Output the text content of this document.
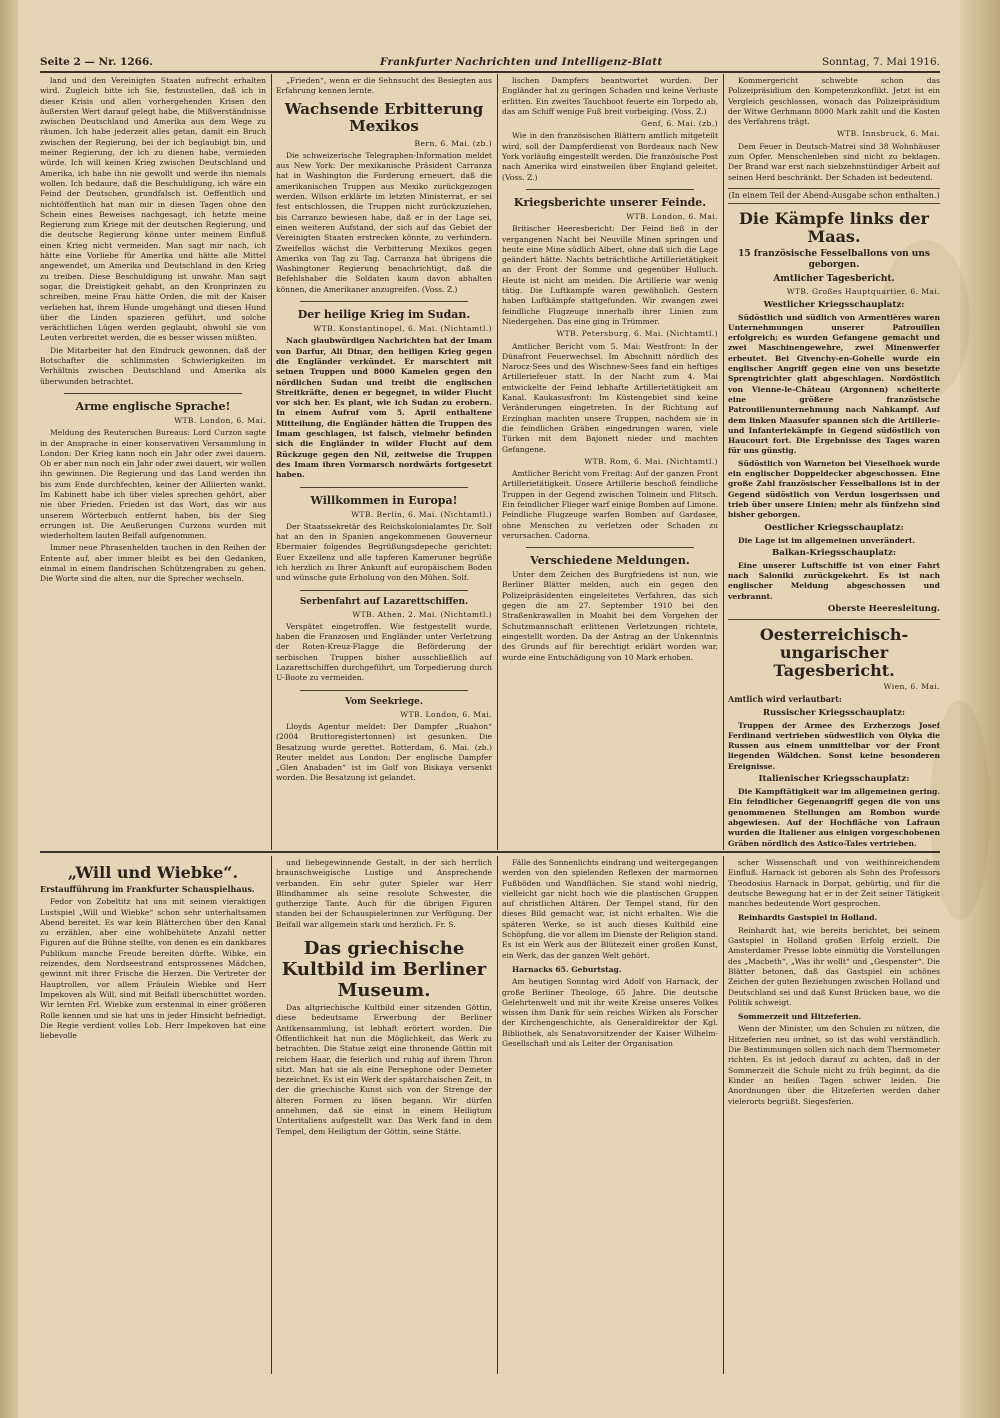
Seite 2 — Nr. 1266.	Frankfurter Nachrichten und Intelligenz-Blatt	Sonntag, 7. Mai 1916.

land und den Vereinigten Staaten aufrecht erhalten wird. Zugleich bitte ich Sie, festzustellen, daß ich in dieser Krisis und allen vorhergehenden Krisen den äußersten Wert darauf gelegt habe, die Mißverständnisse zwischen Deutschland und Amerika aus dem Wege zu räumen. Ich habe jederzeit alles getan, damit ein Bruch zwischen der Regierung, bei der ich beglaubigt bin, und meiner Regierung, der ich zu dienen habe, vermieden würde. Ich will keinen Krieg zwischen Deutschland und Amerika, ich habe ihn nie gewollt und werde ihn niemals wollen. Ich bedaure, daß die Beschuldigung, ich wäre ein Feind der Deutschen, grundfalsch ist. Oeffentlich und nichtöffentlich hat man mir in diesen Tagen ohne den Schein eines Beweises nachgesagt, ich hetzte meine Regierung zum Kriege mit der deutschen Regierung, und die deutsche Regierung könne unter meinem Einfluß einen Krieg nicht vermeiden. Man sagt mir nach, ich hätte eine Vorliebe für Amerika und hätte alle Mittel angewendet, um Amerika und Deutschland in den Krieg zu treiben. Diese Beschuldigung ist unwahr. Man sagt sogar, die Dreistigkeit gehabt, an den Kronprinzen zu schreiben, meine Frau hätte Orden, die mit der Kaiser verliehen hat, ihrem Hunde umgehängt und diesen Hund über die Linden spazieren geführt, und solche verächtlichen Lügen werden geglaubt, obwohl sie von Leuten verbreitet werden, die es besser wissen müßten.

Die Mitarbeiter hat den Eindruck gewonnen, daß der Botschafter die schlimmsten Schwierigkeiten im Verhältnis zwischen Deutschland und Amerika als überwunden betrachtet.

Arme englische Sprache!

WTB. London, 6. Mai.

Meldung des Reuterschen Bureaus: Lord Curzon sagte in der Ansprache in einer konservativen Versammlung in London: Der Krieg kann noch ein Jahr oder zwei dauern. Ob er aber nun noch ein Jahr oder zwei dauert, wir wollen ihn gewinnen. Die Regierung und das Land werden ihn bis zum Ende durchfechten, keiner der Alliierten wankt. Im Kabinett habe ich über vieles sprechen gehört, aber nie über Frieden. Frieden ist das Wort, das wir aus unserem Wörterbuch entfernt haben, bis der Sieg errungen ist. Die Aeußerungen Curzons wurden mit wiederholtem lauten Beifall aufgenommen.

Immer neue Phrasenhelden tauchen in den Reihen der Entente auf, aber immer bleibt es bei den Gedanken, einmal in einem flandrischen Schützengraben zu gehen. Die Worte sind die alten, nur die Sprecher wechseln.

„Frieden“, wenn er die Sehnsucht des Besiegten aus Erfahrung kennen lernte.

Wachsende Erbitterung Mexikos

Bern, 6. Mai. (zb.)

Die schweizerische Telegraphen-Information meldet aus New York: Der mexikanische Präsident Carranza hat in Washington die Forderung erneuert, daß die amerikanischen Truppen aus Mexiko zurückgezogen werden. Wilson erklärte im letzten Ministerrat, er sei fest entschlossen, die Truppen nicht zurückzuziehen, bis Carranzo bewiesen habe, daß er in der Lage sei, einen weiteren Aufstand, der sich auf das Gebiet der Vereinigten Staaten erstrecken könnte, zu verhindern. Zweifellos wächst die Verbitterung Mexikos gegen Amerika von Tag zu Tag. Carranza hat übrigens die Washingtoner Regierung benachrichtigt, daß die Befehlshaber die Soldaten kaum davon abhalten können, die Amerikaner anzugreifen. (Voss. Z.)

Der heilige Krieg im Sudan.

WTB. Konstantinopel, 6. Mai. (Nichtamtl.)

Nach glaubwürdigen Nachrichten hat der Imam von Darfur, Ali Dinar, den heiligen Krieg gegen die Engländer verkündet. Er marschiert mit seinen Truppen und 8000 Kamelen gegen den nördlichen Sudan und treibt die englischen Streitkräfte, denen er begegnet, in wilder Flucht vor sich her. Es plant, wie ich Sudan zu erobern. In einem Aufruf vom 5. April enthaltene Mitteilung, die Engländer hätten die Truppen des Imam geschlagen, ist falsch, vielmehr befinden sich die Engländer in wilder Flucht auf dem Rückzuge gegen den Nil, zeitweise die Truppen des Imam ihren Vormarsch nordwärts fortgesetzt haben.

Willkommen in Europa!

WTB. Berlin, 6. Mai. (Nichtamtl.)

Der Staatssekretär des Reichskolonialamtes Dr. Solf hat an den in Spanien angekommenen Gouverneur Ebermaier folgendes Begrüßungsdepeche gerichtet: Euer Exzellenz und alle tapferen Kameruner begrüße ich herzlich zu Ihrer Ankunft auf europäischem Boden und wünsche gute Erholung von den Mühen. Solf.

Serbenfahrt auf Lazarettschiffen.

WTB. Athen, 2. Mai. (Nichtamtl.)

Verspätet eingetroffen. Wie festgestellt wurde, haben die Franzosen und Engländer unter Verletzung der Roten-Kreuz-Flagge die Beförderung der serbischen Truppen bisher ausschließlich auf Lazarettschiffen durchgeführt, um Torpedierung durch U-Boote zu vermeiden.

Vom Seekriege.

WTB. London, 6. Mai.

Lloyds Agentur meldet: Der Dampfer „Ruahon“ (2004 Bruttoregistertonnen) ist gesunken. Die Besatzung wurde gerettet. Rotterdam, 6. Mai. (zb.) Reuter meldet aus London: Der englische Dampfer „Glen Anabaden“ ist im Golf von Biskaya versenkt worden. Die Besatzung ist gelandet.

lischen Dampfers beantwortet wurden. Der Engländer hat zu geringen Schaden und keine Verluste erlitten. Ein zweites Tauchboot feuerte ein Torpedo ab, das am Schiff wenige Fuß breit vorbeiging. (Voss. Z.)

Genf, 6. Mai. (zb.)

Wie in den französischen Blättern amtlich mitgeteilt wird, soll der Dampferdienst von Bordeaux nach New York vorläufig eingestellt werden. Die französische Post nach Amerika wird einstweilen über England geleitet. (Voss. Z.)

Kriegsberichte unserer Feinde.

WTB. London, 6. Mai.

Britischer Heeresbericht: Der Feind ließ in der vergangenen Nacht bei Neuville Minen springen und heute eine Mine südlich Albert, ohne daß sich die Lage geändert hätte. Nachts beträchtliche Artillerietätigkeit an der Front der Somme und gegenüber Hulluch. Heute ist nicht am meiden. Die Artillerie war wenig tätig. Die Luftkampfe waren gewöhnlich. Gestern haben Luftkämpfe stattgefunden. Wir zwangen zwei feindliche Flugzeuge innerhalb ihrer Linien zum Niedergehen. Das eine ging in Trümmer.

WTB. Petersburg, 6. Mai. (Nichtamtl.)

Amtlicher Bericht vom 5. Mai: Westfront: In der Dünafront Feuerwechsel. Im Abschnitt nördlich des Narocz-Sees und des Wischnew-Sees fand ein heftiges Artilleriefeuer statt. In der Nacht zum 4. Mai entwickelte der Feind lebhafte Artillerietätigkeit am Kanal. Kaukasusfront: Im Küstengebiet sind keine Veränderungen eingetreten. In der Richtung auf Erzinghan machten unsere Truppen, nachdem sie in die feindlichen Gräben eingedrungen waren, viele Türken mit dem Bajonett nieder und machten Gefangene.

WTB. Rom, 6. Mai. (Nichtamtl.)

Amtlicher Bericht vom Freitag: Auf der ganzen Front Artillerietätigkeit. Unsere Artillerie beschoß feindliche Truppen in der Gegend zwischen Tolmein und Flitsch. Ein feindlicher Flieger warf einige Bomben auf Limone. Feindliche Flugzeuge warfen Bomben auf Gardasee, ohne Menschen zu verletzen oder Schaden zu verursachen. Cadorna.

Verschiedene Meldungen.

Unter dem Zeichen des Burgfriedens ist nun, wie Berliner Blätter melden, auch ein gegen den Polizeipräsidenten eingeleitetes Verfahren, das sich gegen die am 27. September 1910 bei den Straßenkrawallen in Moabit bei dem Vorgehen der Schutzmannschaft erlittenen Verletzungen richtete, eingestellt worden. Da der Antrag an der Unkenntnis des Grunds auf für berechtigt erklärt worden war, wurde eine Entschädigung von 10 Mark erhoben.

Kommergericht schwebte schon das Polizeipräsidium den Kompetenzkonflikt. Jetzt ist ein Vergleich geschlossen, wonach das Polizeipräsidium der Witwe Gerhmann 8000 Mark zahlt und die Kosten des Verfahrens trägt.

WTB. Innsbruck, 6. Mai.

Dem Feuer in Deutsch-Matrei sind 38 Wohnhäuser zum Opfer. Menschenleben sind nicht zu beklagen. Der Brand war erst nach siebzehnstündiger Arbeit auf seinen Herd beschränkt. Der Schaden ist bedeutend.

(In einem Teil der Abend-Ausgabe schon enthalten.)
Die Kämpfe links der Maas.
15 französische Fesselballons von uns geborgen.
Amtlicher Tagesbericht.

WTB. Großes Hauptquartier, 6. Mai.

Westlicher Kriegsschauplatz:

Südöstlich und südlich von Armentières waren Unternehmungen unserer Patrouillen erfolgreich; es wurden Gefangene gemacht und zwei Maschinengewehre, zwei Minenwerfer erbeutet. Bei Givenchy-en-Gohelle wurde ein englischer Angriff gegen eine von uns besetzte Sprengtrichter glatt abgeschlagen. Nordöstlich von Vienne-le-Château (Argonnen) scheiterte eine größere französische Patrouillenunternehmung nach Nahkampf. Auf dem linken Maasufer spannen sich die Artillerie- und Infanteriekämpfe in Gegend südöstlich von Haucourt fort. Die Ergebnisse des Tages waren für uns günstig.

Südöstlich von Warneton bei Vieselhoek wurde ein englischer Doppeldecker abgeschossen. Eine große Zahl französischer Fesselballons ist in der Gegend südöstlich von Verdun losgerissen und trieb über unsere Linien; mehr als fünfzehn sind bisher geborgen.

Oestlicher Kriegsschauplatz:

Die Lage ist im allgemeinen unverändert.

Balkan-Kriegsschauplatz:

Eine unserer Luftschiffe ist von einer Fahrt nach Saloniki zurückgekehrt. Es ist nach englischer Meldung abgeschossen und verbrannt.

Oberste Heeresleitung.
Oesterreichisch-ungarischer Tagesbericht.

Wien, 6. Mai.

Amtlich wird verlautbart:
Russischer Kriegsschauplatz:

Truppen der Armee des Erzherzogs Josef Ferdinand vertrieben südwestlich von Olyka die Russen aus einem unmittelbar vor der Front liegenden Wäldchen. Sonst keine besonderen Ereignisse.

Italienischer Kriegsschauplatz:

Die Kampftätigkeit war im allgemeinen gering. Ein feindlicher Gegenangriff gegen die von uns genommenen Stellungen am Rombon wurde abgewiesen. Auf der Hochfläche von Lafraun wurden die Italiener aus einigen vorgeschobenen Gräben nördlich des Astico-Tales vertrieben.

„Will und Wiebke“.
Erstaufführung im Frankfurter Schauspielhaus.

Fedor von Zobeltitz hat uns mit seinem vieraktigen Lustspiel „Will und Wiebke“ schon sehr unterhaltsamen Abend bereitet. Es war kein Blätterchen über den Kanal zu erzählen, aber eine wohlbehütete Anzahl netter Figuren auf die Bühne stellte, von denen es ein dankbares Publikum manche Freude bereiten dürfte. Wibke, ein reizendes, dem Nordseestrand entsprossenes Mädchen, gewinnt mit ihrer Frische die Herzen. Die Vertreter der Hauptrollen, vor allem Fräulein Wiebke und Herr Impekoven als Will, sind mit Beifall überschüttet worden. Wir lernten Frl. Wiebke zum erstenmal in einer größeren Rolle kennen und sie hat uns in jeder Hinsicht befriedigt. Die Regie verdient volles Lob. Herr Impekoven hat eine liebevolle

und liebegewinnende Gestalt, in der sich herrlich braunschweigische Lustige und Ansprechende verbanden. Ein sehr guter Spieler war Herr Blindhammer als seine resolute Schwester, die gutherzige Tante. Auch für die übrigen Figuren standen bei der Schauspielerinnen zur Verfügung. Der Beifall war allgemein stark und herzlich. Fr. S.

Das griechische Kultbild im Berliner Museum.

Das altgriechische Kultbild einer sitzenden Göttin, diese bedeutsame Erwerbung der Berliner Antikensammlung, ist lebhaft erörtert worden. Die Öffentlichkeit hat nun die Möglichkeit, das Werk zu betrachten. Die Statue zeigt eine thronende Göttin mit reichem Haar, die feierlich und ruhig auf ihrem Thron sitzt. Man hat sie als eine Persephone oder Demeter bezeichnet. Es ist ein Werk der spätarchaischen Zeit, in der die griechische Kunst sich von der Strenge der älteren Formen zu lösen begann. Wir dürfen annehmen, daß sie einst in einem Heiligtum Unteritaliens aufgestellt war. Das Werk fand in dem Tempel, dem Heiligtum der Göttin, seine Stätte.

Fälle des Sonnenlichts eindrang und weitergegangen werden von den spielenden Reflexen der marmornen Fußböden und Wandflächen. Sie stand wohl niedrig, vielleicht gar nicht hoch wie die plastischen Gruppen auf christlichen Altären. Der Tempel stand, für den dieses Bild gemacht war, ist nicht erhalten. Wie die späteren Werke, so ist auch dieses Kultbild eine Schöpfung, die vor allem im Dienste der Religion stand. Es ist ein Werk aus der Blütezeit einer großen Kunst, ein Werk, das der ganzen Welt gehört.

Harnacks 65. Geburtstag.

Am heutigen Sonntag wird Adolf von Harnack, der große Berliner Theologe, 65 Jahre. Die deutsche Gelehrtenwelt und mit ihr weite Kreise unseres Volkes wissen ihm Dank für sein reiches Wirken als Forscher der Kirchengeschichte, als Generaldirektor der Kgl. Bibliothek, als Senatsvorsitzender der Kaiser Wilhelm-Gesellschaft und als Leiter der Organisation

scher Wissenschaft und von weithinreichendem Einfluß. Harnack ist geboren als Sohn des Professors Theodosius Harnack in Dorpat, gebürtig, und für die deutsche Bewegung hat er in der Zeit seiner Tätigkeit manches bedeutende Wort gesprochen.

Reinhardts Gastspiel in Holland.

Reinhardt hat, wie bereits berichtet, bei seinem Gastspiel in Holland großen Erfolg erzielt. Die Amsterdamer Presse lobte einmütig die Vorstellungen des „Macbeth“, „Was ihr wollt“ und „Gespenster“. Die Blätter betonen, daß das Gastspiel ein schönes Zeichen der guten Beziehungen zwischen Holland und Deutschland sei und daß Kunst Brücken baue, wo die Politik schweigt.

Sommerzeit und Hitzeferien.

Wenn der Minister, um den Schulen zu nützen, die Hitzeferien neu ordnet, so ist das wohl verständlich. Die Bestimmungen sollen sich nach dem Thermometer richten. Es ist jedoch darauf zu achten, daß in der Sommerzeit die Schule nicht zu früh beginnt, da die Kinder an heißen Tagen schwer leiden. Die Anordnungen über die Hitzeferien werden daher vielerorts begrüßt. Siegesferien.
